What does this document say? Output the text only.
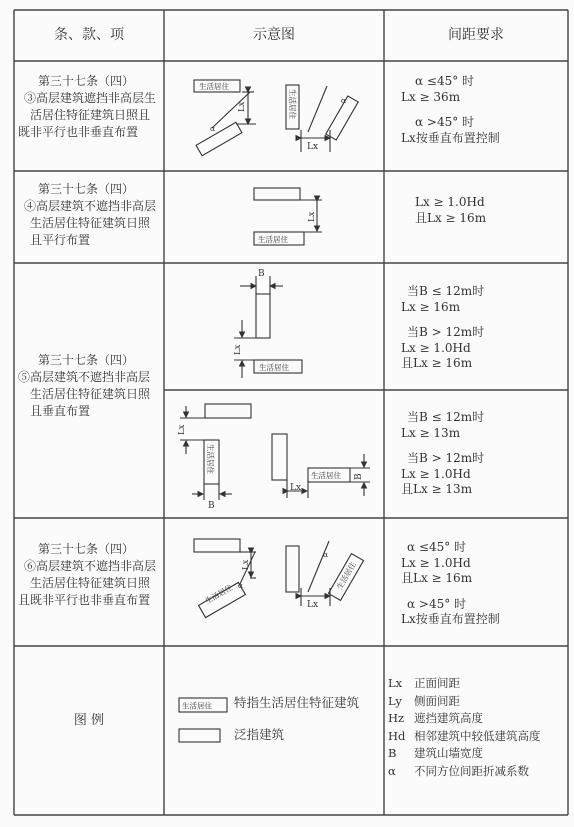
条、款、项	示意图	间距要求
第三十七条（四）
③高层建筑遮挡非高层生
活居住特征建筑日照且
既非平行也非垂直布置
α ≤45° 时
Lx ≥ 36m
α >45° 时
Lx按垂直布置控制
第三十七条（四）
④高层建筑不遮挡非高层
生活居住特征建筑日照
且平行布置
Lx ≥ 1.0Hd
且Lx ≥ 16m
第三十七条（四）
⑤高层建筑不遮挡非高层
生活居住特征建筑日照
且垂直布置
当B ≤ 12m时
Lx ≥ 16m
当B > 12m时
Lx ≥ 1.0Hd
且Lx ≥ 16m
当B ≤ 12m时
Lx ≥ 13m
当B > 12m时
Lx ≥ 1.0Hd
且Lx ≥ 13m
第三十七条（四）
⑥高层建筑不遮挡非高层
生活居住特征建筑日照
且既非平行也非垂直布置
α ≤45° 时
Lx ≥ 1.0Hd
且Lx ≥ 16m
α >45° 时
Lx按垂直布置控制
图 例
特指生活居住特征建筑
泛指建筑
Lx 正面间距
Ly 侧面间距
Hz 遮挡建筑高度
Hd 相邻建筑中较低建筑高度
B 建筑山墙宽度
α 不同方位间距折减系数
生活居住
B
生活居住
生活居住
生活居住
生活居住
Lx
B
Lx
Lx
α
α
α
α
Lx
Lx
Lx
Lx
Lx
B
生活居住
生活居住
生活居住
生活居住
